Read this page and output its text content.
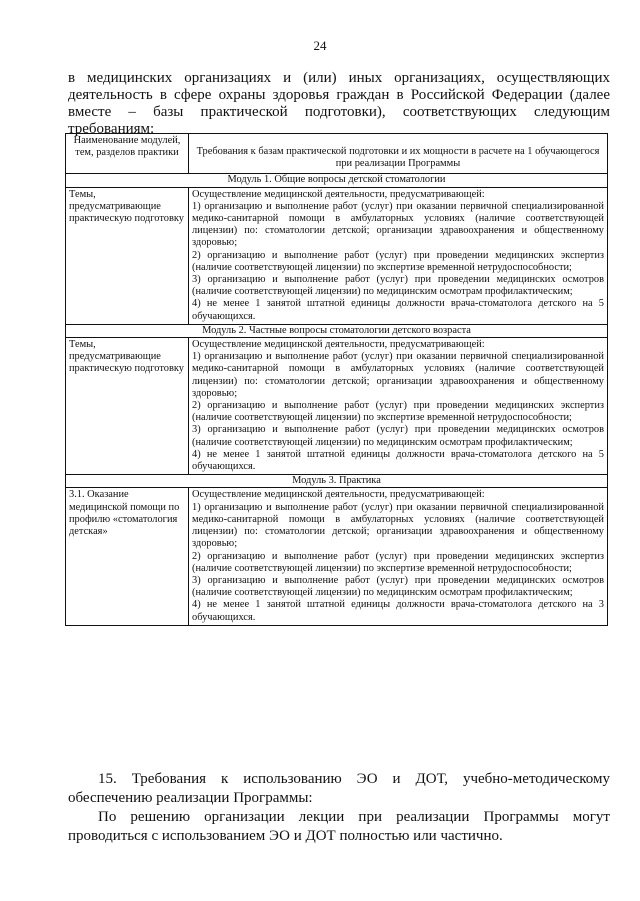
24
в медицинских организациях и (или) иных организациях, осуществляющих деятельность в сфере охраны здоровья граждан в Российской Федерации (далее вместе – базы практической подготовки), соответствующих следующим требованиям:
Наименование модулей, тем, разделов практики	Требования к базам практической подготовки и их мощности в расчете на 1 обучающегося при реализации Программы
Модуль 1. Общие вопросы детской стоматологии	
Темы, предусматривающие практическую подготовку	Осуществление медицинской деятельности, предусматривающей:
1) организацию и выполнение работ (услуг) при оказании первичной специализированной медико-санитарной помощи в амбулаторных условиях (наличие соответствующей лицензии) по: стоматологии детской; организации здравоохранения и общественному здоровью;
2) организацию и выполнение работ (услуг) при проведении медицинских экспертиз (наличие соответствующей лицензии) по экспертизе временной нетрудоспособности;
3) организацию и выполнение работ (услуг) при проведении медицинских осмотров (наличие соответствующей лицензии) по медицинским осмотрам профилактическим;
4) не менее 1 занятой штатной единицы должности врача-стоматолога детского на 5 обучающихся.

Модуль 2. Частные вопросы стоматологии детского возраста	
Темы, предусматривающие практическую подготовку	Осуществление медицинской деятельности, предусматривающей:
1) организацию и выполнение работ (услуг) при оказании первичной специализированной медико-санитарной помощи в амбулаторных условиях (наличие соответствующей лицензии) по: стоматологии детской; организации здравоохранения и общественному здоровью;
2) организацию и выполнение работ (услуг) при проведении медицинских экспертиз (наличие соответствующей лицензии) по экспертизе временной нетрудоспособности;
3) организацию и выполнение работ (услуг) при проведении медицинских осмотров (наличие соответствующей лицензии) по медицинским осмотрам профилактическим;
4) не менее 1 занятой штатной единицы должности врача-стоматолога детского на 5 обучающихся.

Модуль 3. Практика	
3.1. Оказание медицинской помощи по профилю «стоматология детская»	Осуществление медицинской деятельности, предусматривающей:
1) организацию и выполнение работ (услуг) при оказании первичной специализированной медико-санитарной помощи в амбулаторных условиях (наличие соответствующей лицензии) по: стоматологии детской; организации здравоохранения и общественному здоровью;
2) организацию и выполнение работ (услуг) при проведении медицинских экспертиз (наличие соответствующей лицензии) по экспертизе временной нетрудоспособности;
3) организацию и выполнение работ (услуг) при проведении медицинских осмотров (наличие соответствующей лицензии) по медицинским осмотрам профилактическим;
4) не менее 1 занятой штатной единицы должности врача-стоматолога детского на 3 обучающихся.

15. Требования к использованию ЭО и ДОТ, учебно-методическому обеспечению реализации Программы:

По решению организации лекции при реализации Программы могут проводиться с использованием ЭО и ДОТ полностью или частично.
